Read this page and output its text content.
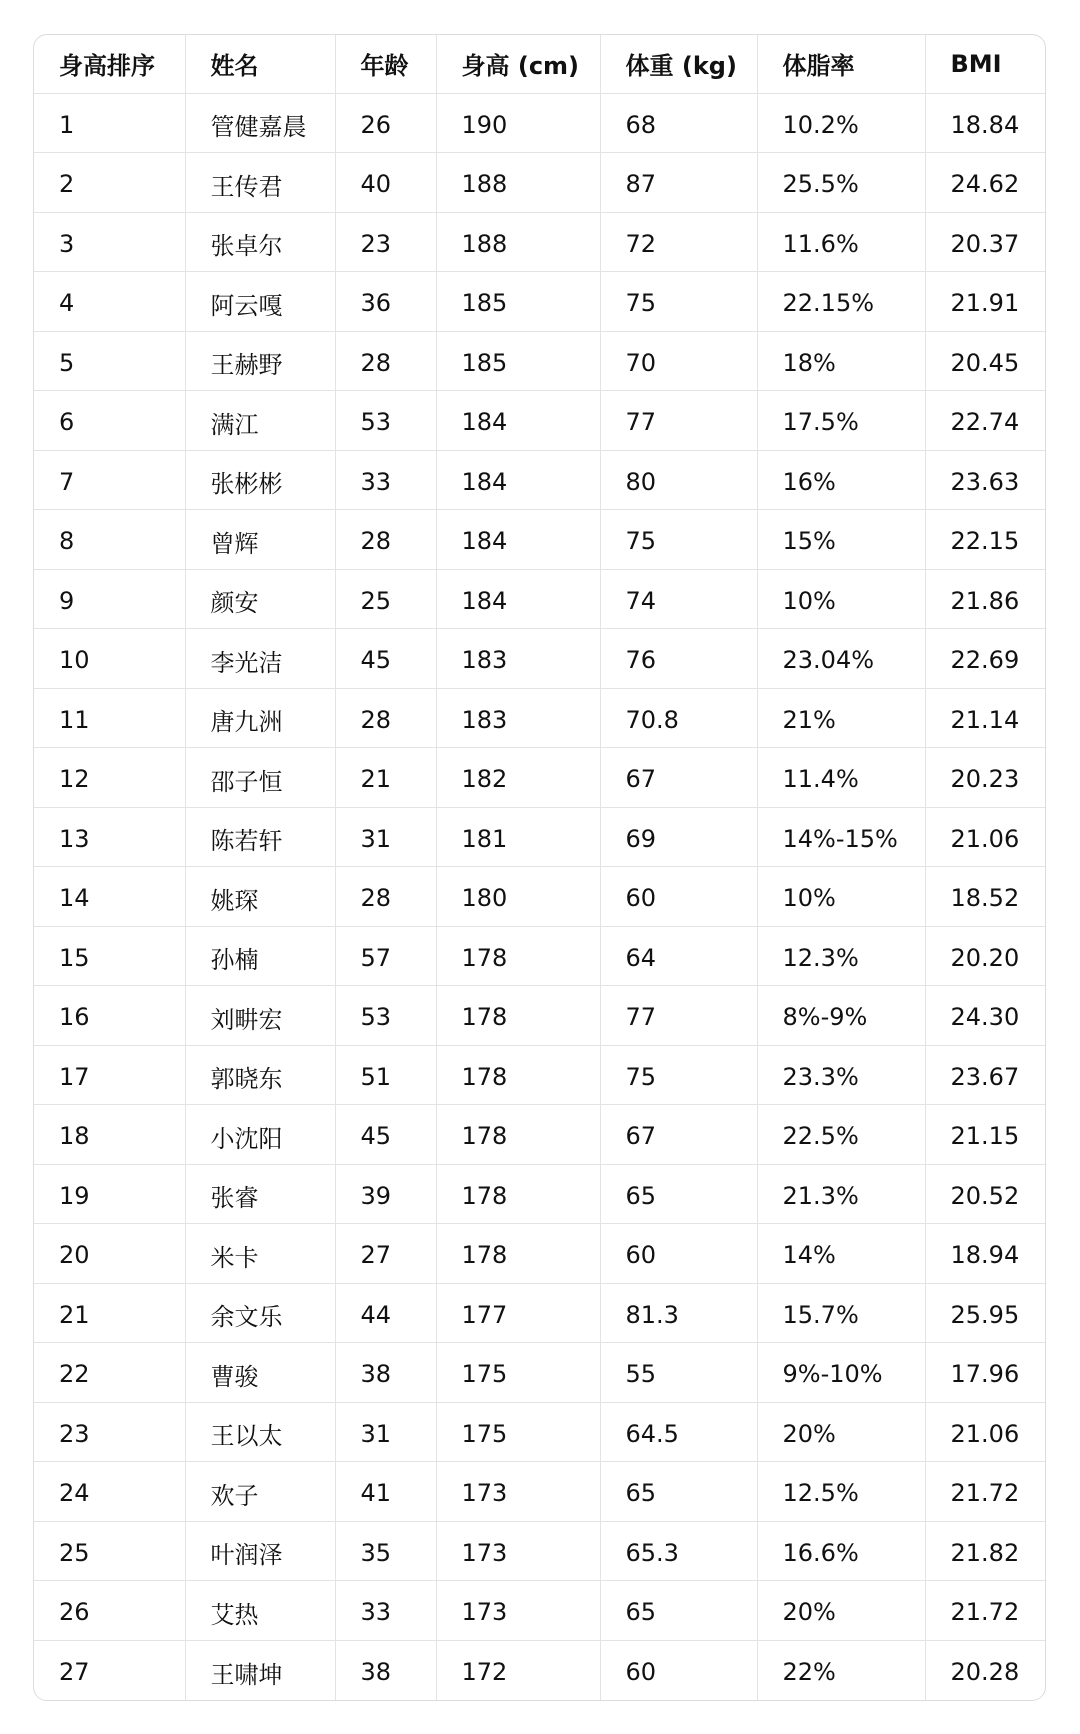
身高排序	姓名	年龄	身高 (cm)	体重 (kg)	体脂率	BMI
1	管健嘉晨	26	190	68	10.2%	18.84
2	王传君	40	188	87	25.5%	24.62
3	张卓尔	23	188	72	11.6%	20.37
4	阿云嘎	36	185	75	22.15%	21.91
5	王赫野	28	185	70	18%	20.45
6	满江	53	184	77	17.5%	22.74
7	张彬彬	33	184	80	16%	23.63
8	曾辉	28	184	75	15%	22.15
9	颜安	25	184	74	10%	21.86
10	李光洁	45	183	76	23.04%	22.69
11	唐九洲	28	183	70.8	21%	21.14
12	邵子恒	21	182	67	11.4%	20.23
13	陈若轩	31	181	69	14%-15%	21.06
14	姚琛	28	180	60	10%	18.52
15	孙楠	57	178	64	12.3%	20.20
16	刘畊宏	53	178	77	8%-9%	24.30
17	郭晓东	51	178	75	23.3%	23.67
18	小沈阳	45	178	67	22.5%	21.15
19	张睿	39	178	65	21.3%	20.52
20	米卡	27	178	60	14%	18.94
21	余文乐	44	177	81.3	15.7%	25.95
22	曹骏	38	175	55	9%-10%	17.96
23	王以太	31	175	64.5	20%	21.06
24	欢子	41	173	65	12.5%	21.72
25	叶润泽	35	173	65.3	16.6%	21.82
26	艾热	33	173	65	20%	21.72
27	王啸坤	38	172	60	22%	20.28
